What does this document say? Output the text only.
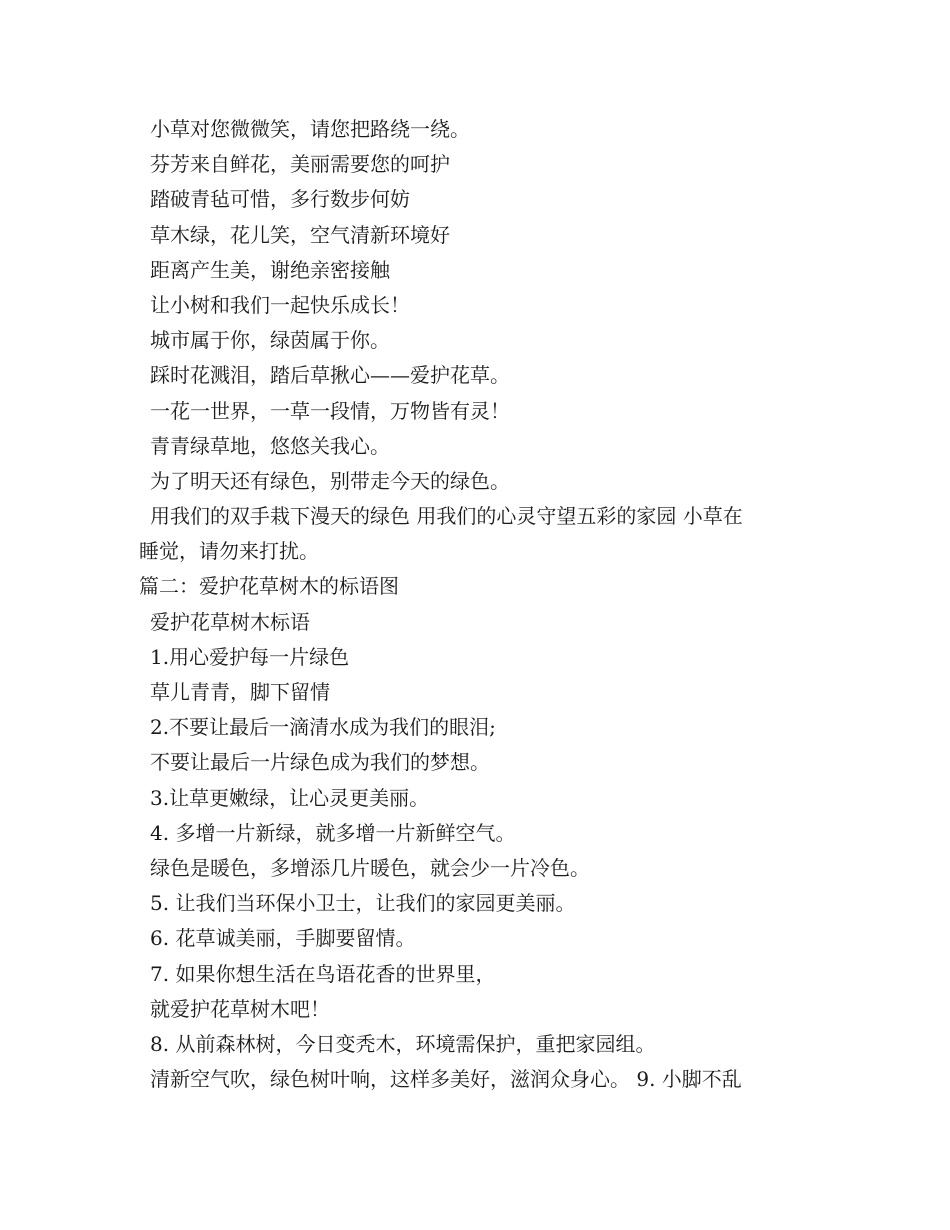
小草对您微微笑，请您把路绕一绕。
芬芳来自鲜花，美丽需要您的呵护
踏破青毡可惜，多行数步何妨
草木绿，花儿笑，空气清新环境好
距离产生美，谢绝亲密接触
让小树和我们一起快乐成长！
城市属于你，绿茵属于你。
踩时花溅泪，踏后草揪心——爱护花草。
一花一世界，一草一段情，万物皆有灵！
青青绿草地，悠悠关我心。
为了明天还有绿色，别带走今天的绿色。
用我们的双手栽下漫天的绿色 用我们的心灵守望五彩的家园 小草在
睡觉，请勿来打扰。
篇二：爱护花草树木的标语图
爱护花草树木标语
1.用心爱护每一片绿色
草儿青青，脚下留情
2.不要让最后一滴清水成为我们的眼泪;
不要让最后一片绿色成为我们的梦想。
3.让草更嫩绿，让心灵更美丽。
4. 多增一片新绿，就多增一片新鲜空气。
绿色是暖色，多增添几片暖色，就会少一片冷色。
5. 让我们当环保小卫士，让我们的家园更美丽。
6. 花草诚美丽，手脚要留情。
7. 如果你想生活在鸟语花香的世界里，
就爱护花草树木吧！
8. 从前森林树，今日变秃木，环境需保护，重把家园组。
清新空气吹，绿色树叶响，这样多美好，滋润众身心。 9. 小脚不乱
